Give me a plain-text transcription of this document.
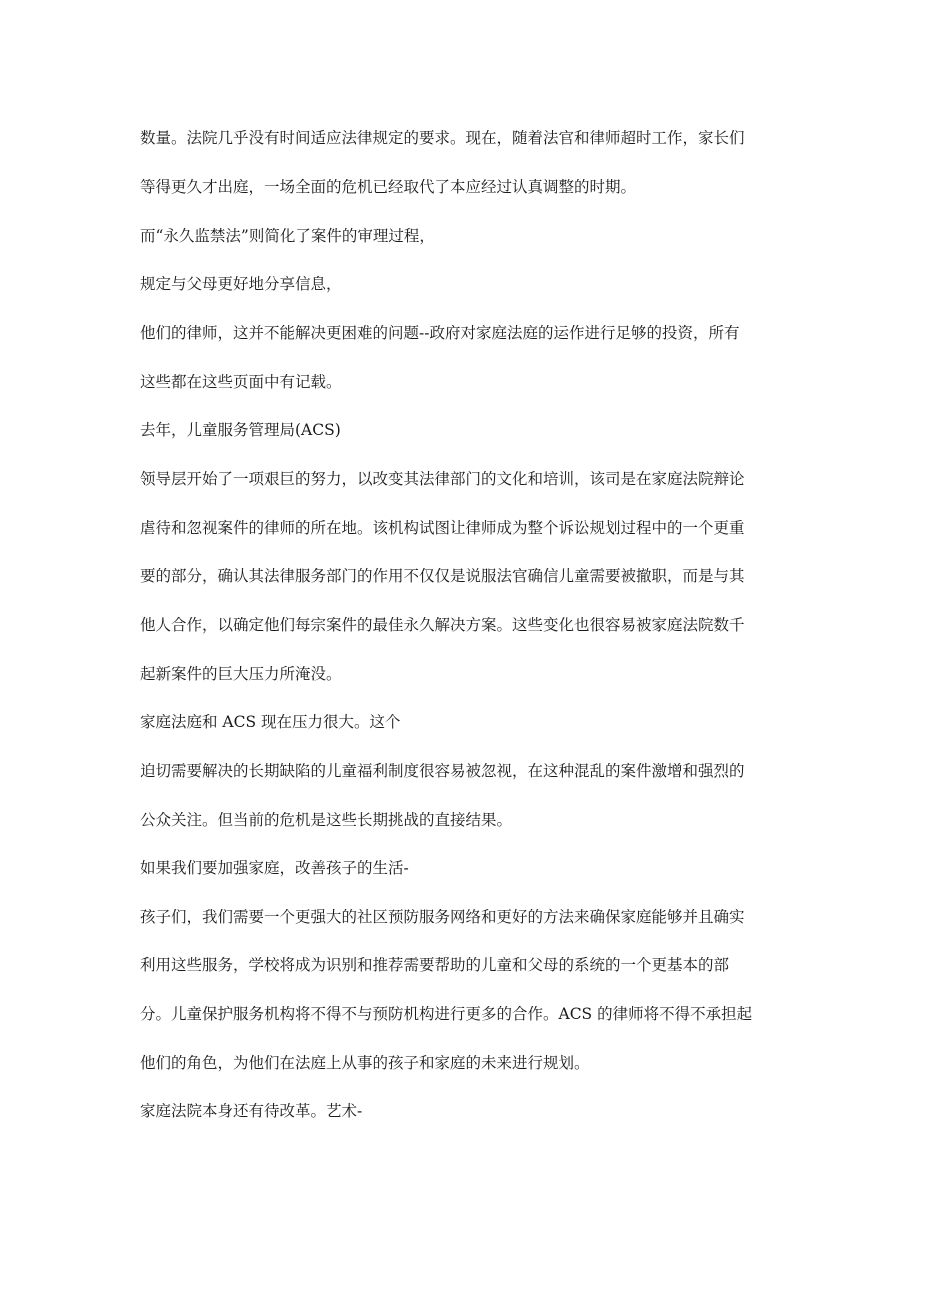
数量。法院几乎没有时间适应法律规定的要求。现在，随着法官和律师超时工作，家长们
等得更久才出庭，一场全面的危机已经取代了本应经过认真调整的时期。
而“永久监禁法”则简化了案件的审理过程，
规定与父母更好地分享信息，
他们的律师，这并不能解决更困难的问题--政府对家庭法庭的运作进行足够的投资，所有
这些都在这些页面中有记载。
去年，儿童服务管理局(ACS)
领导层开始了一项艰巨的努力，以改变其法律部门的文化和培训，该司是在家庭法院辩论
虐待和忽视案件的律师的所在地。该机构试图让律师成为整个诉讼规划过程中的一个更重
要的部分，确认其法律服务部门的作用不仅仅是说服法官确信儿童需要被撤职，而是与其
他人合作，以确定他们每宗案件的最佳永久解决方案。这些变化也很容易被家庭法院数千
起新案件的巨大压力所淹没。
家庭法庭和 ACS 现在压力很大。这个
迫切需要解决的长期缺陷的儿童福利制度很容易被忽视，在这种混乱的案件激增和强烈的
公众关注。但当前的危机是这些长期挑战的直接结果。
如果我们要加强家庭，改善孩子的生活-
孩子们，我们需要一个更强大的社区预防服务网络和更好的方法来确保家庭能够并且确实
利用这些服务，学校将成为识别和推荐需要帮助的儿童和父母的系统的一个更基本的部
分。儿童保护服务机构将不得不与预防机构进行更多的合作。ACS 的律师将不得不承担起
他们的角色，为他们在法庭上从事的孩子和家庭的未来进行规划。
家庭法院本身还有待改革。艺术-
